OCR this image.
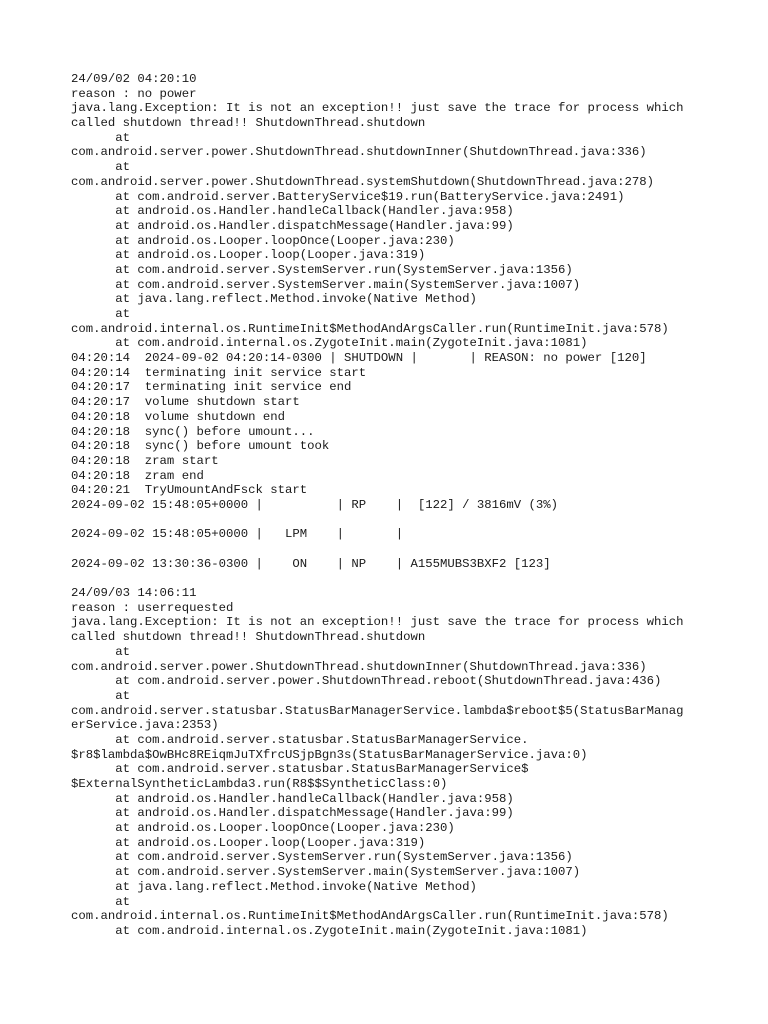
24/09/02 04:20:10
reason : no power
java.lang.Exception: It is not an exception!! just save the trace for process which
called shutdown thread!! ShutdownThread.shutdown
at
com.android.server.power.ShutdownThread.shutdownInner(ShutdownThread.java:336)
at
com.android.server.power.ShutdownThread.systemShutdown(ShutdownThread.java:278)
at com.android.server.BatteryService$19.run(BatteryService.java:2491)
at android.os.Handler.handleCallback(Handler.java:958)
at android.os.Handler.dispatchMessage(Handler.java:99)
at android.os.Looper.loopOnce(Looper.java:230)
at android.os.Looper.loop(Looper.java:319)
at com.android.server.SystemServer.run(SystemServer.java:1356)
at com.android.server.SystemServer.main(SystemServer.java:1007)
at java.lang.reflect.Method.invoke(Native Method)
at
com.android.internal.os.RuntimeInit$MethodAndArgsCaller.run(RuntimeInit.java:578)
at com.android.internal.os.ZygoteInit.main(ZygoteInit.java:1081)
04:20:14  2024-09-02 04:20:14-0300 | SHUTDOWN |       | REASON: no power [120]
04:20:14  terminating init service start
04:20:17  terminating init service end
04:20:17  volume shutdown start
04:20:18  volume shutdown end
04:20:18  sync() before umount...
04:20:18  sync() before umount took
04:20:18  zram start
04:20:18  zram end
04:20:21  TryUmountAndFsck start
2024-09-02 15:48:05+0000 |          | RP    |  [122] / 3816mV (3%)
2024-09-02 15:48:05+0000 |   LPM    |       |
2024-09-02 13:30:36-0300 |    ON    | NP    | A155MUBS3BXF2 [123]
24/09/03 14:06:11
reason : userrequested
java.lang.Exception: It is not an exception!! just save the trace for process which
called shutdown thread!! ShutdownThread.shutdown
at
com.android.server.power.ShutdownThread.shutdownInner(ShutdownThread.java:336)
at com.android.server.power.ShutdownThread.reboot(ShutdownThread.java:436)
at
com.android.server.statusbar.StatusBarManagerService.lambda$reboot$5(StatusBarManag
erService.java:2353)
at com.android.server.statusbar.StatusBarManagerService.
$r8$lambda$OwBHc8REiqmJuTXfrcUSjpBgn3s(StatusBarManagerService.java:0)
at com.android.server.statusbar.StatusBarManagerService$
$ExternalSyntheticLambda3.run(R8$$SyntheticClass:0)
at android.os.Handler.handleCallback(Handler.java:958)
at android.os.Handler.dispatchMessage(Handler.java:99)
at android.os.Looper.loopOnce(Looper.java:230)
at android.os.Looper.loop(Looper.java:319)
at com.android.server.SystemServer.run(SystemServer.java:1356)
at com.android.server.SystemServer.main(SystemServer.java:1007)
at java.lang.reflect.Method.invoke(Native Method)
at
com.android.internal.os.RuntimeInit$MethodAndArgsCaller.run(RuntimeInit.java:578)
at com.android.internal.os.ZygoteInit.main(ZygoteInit.java:1081)
